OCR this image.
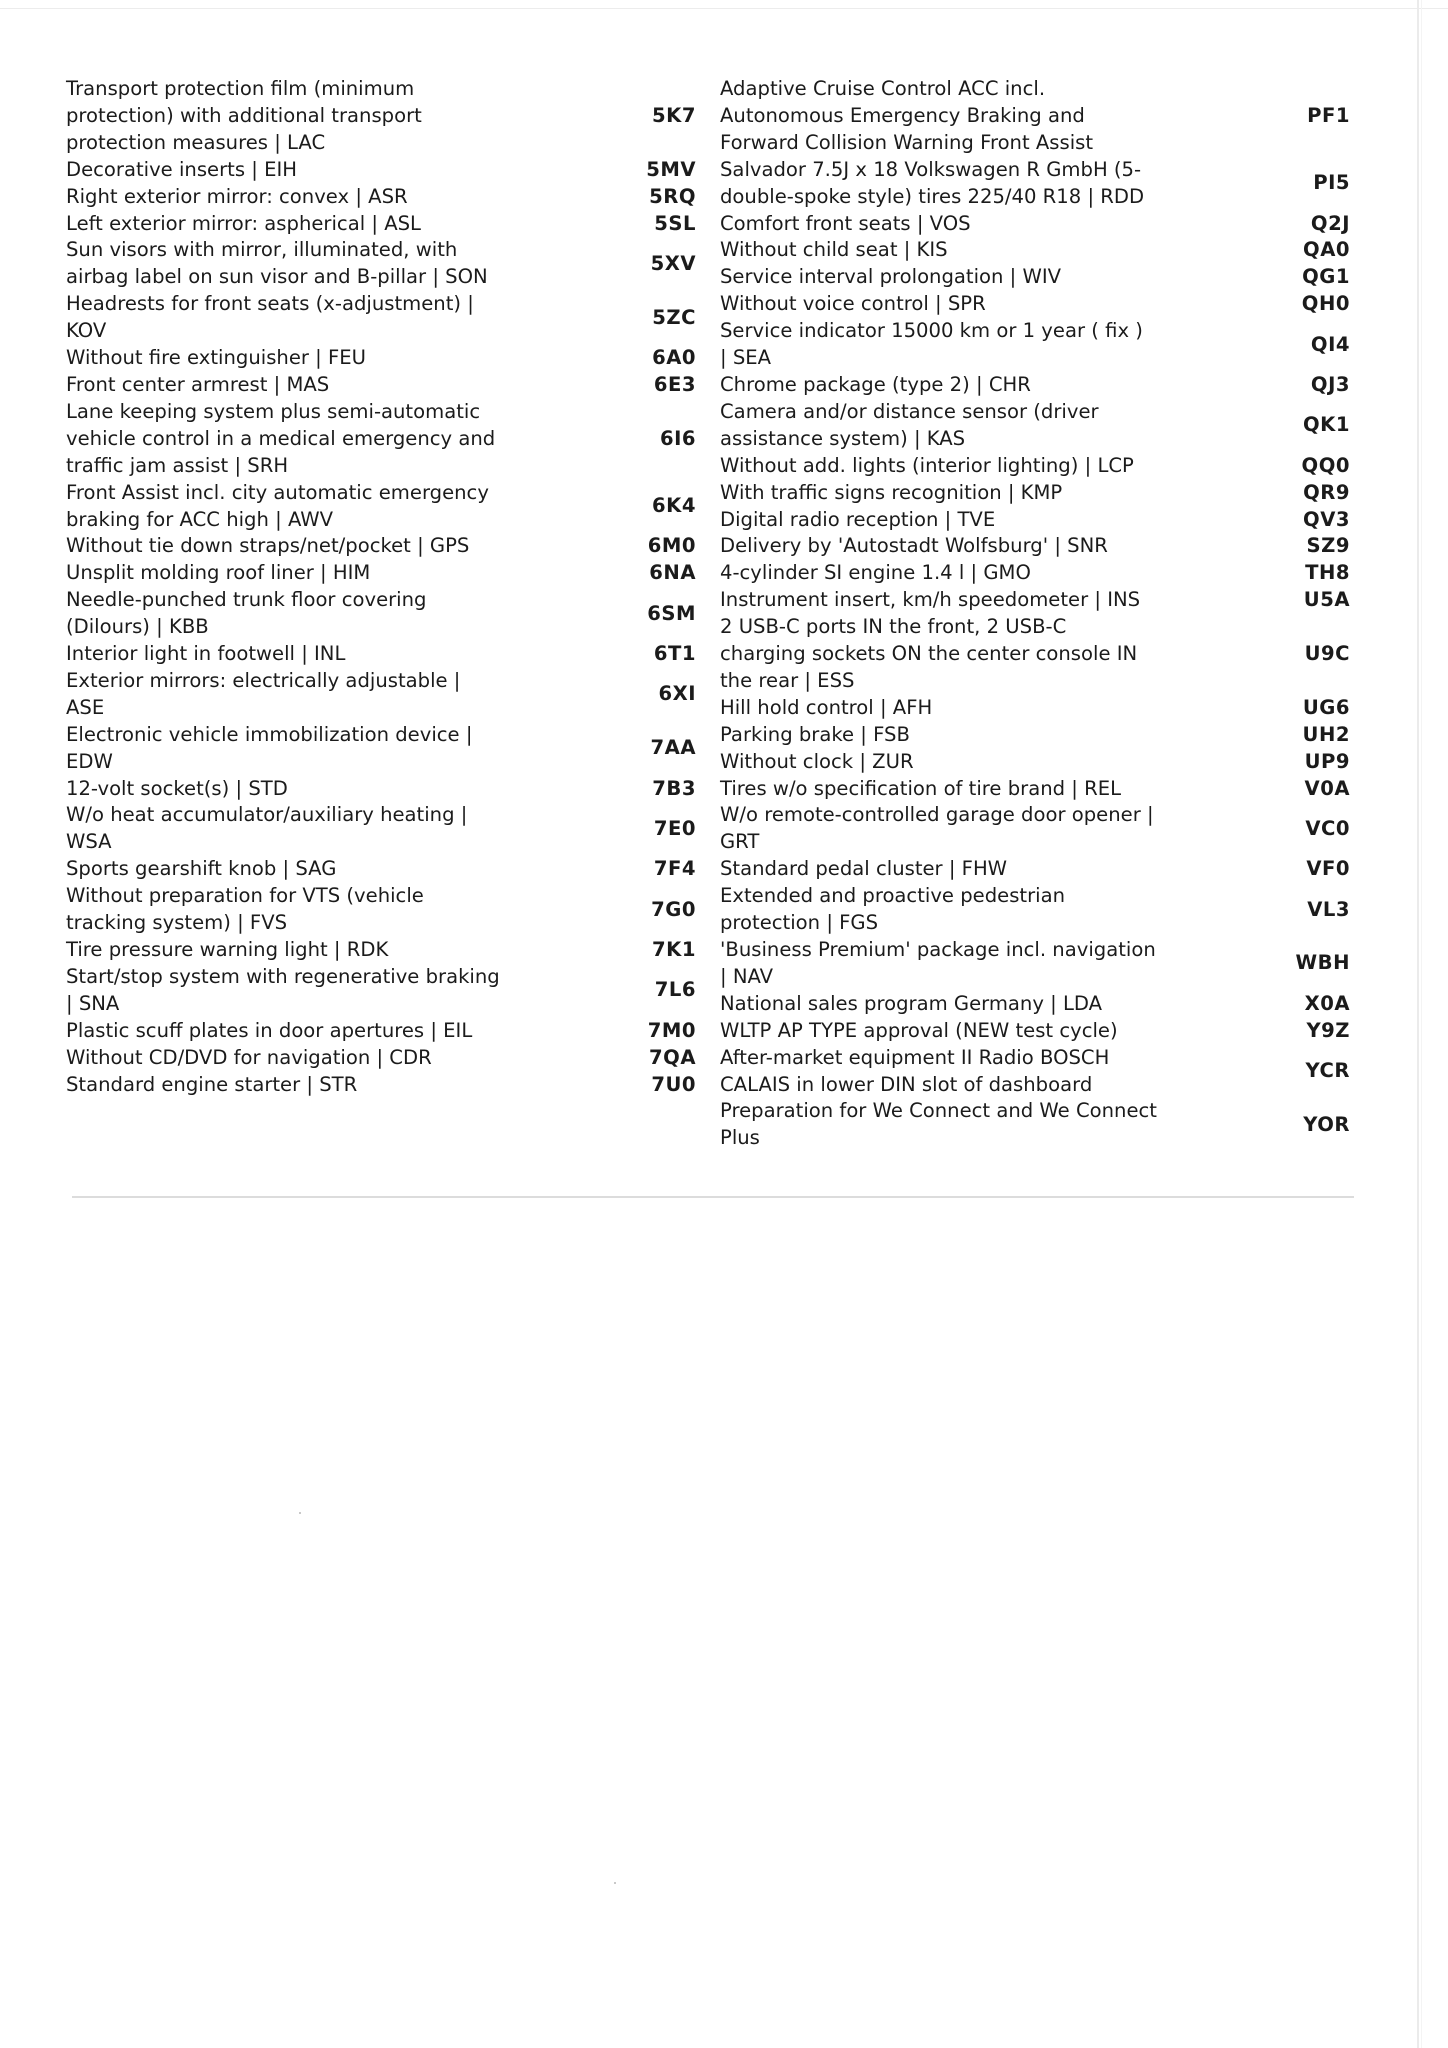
Transport protection film (minimum
protection) with additional transport
protection measures | LAC
5K7
Decorative inserts | EIH	5MV
Right exterior mirror: convex | ASR	5RQ
Left exterior mirror: aspherical | ASL	5SL
Sun visors with mirror, illuminated, with
airbag label on sun visor and B-pillar | SON
5XV
Headrests for front seats (x-adjustment) |
KOV
5ZC
Without fire extinguisher | FEU	6A0
Front center armrest | MAS	6E3
Lane keeping system plus semi-automatic
vehicle control in a medical emergency and
traffic jam assist | SRH
6I6
Front Assist incl. city automatic emergency
braking for ACC high | AWV
6K4
Without tie down straps/net/pocket | GPS	6M0
Unsplit molding roof liner | HIM	6NA
Needle-punched trunk floor covering
(Dilours) | KBB
6SM
Interior light in footwell | INL	6T1
Exterior mirrors: electrically adjustable |
ASE
6XI
Electronic vehicle immobilization device |
EDW
7AA
12-volt socket(s) | STD	7B3
W/o heat accumulator/auxiliary heating |
WSA
7E0
Sports gearshift knob | SAG	7F4
Without preparation for VTS (vehicle
tracking system) | FVS
7G0
Tire pressure warning light | RDK	7K1
Start/stop system with regenerative braking
| SNA
7L6
Plastic scuff plates in door apertures | EIL	7M0
Without CD/DVD for navigation | CDR	7QA
Standard engine starter | STR	7U0
Adaptive Cruise Control ACC incl.
Autonomous Emergency Braking and
Forward Collision Warning Front Assist
PF1
Salvador 7.5J x 18 Volkswagen R GmbH (5-
double-spoke style) tires 225/40 R18 | RDD
PI5
Comfort front seats | VOS	Q2J
Without child seat | KIS	QA0
Service interval prolongation | WIV	QG1
Without voice control | SPR	QH0
Service indicator 15000 km or 1 year ( fix )
| SEA
QI4
Chrome package (type 2) | CHR	QJ3
Camera and/or distance sensor (driver
assistance system) | KAS
QK1
Without add. lights (interior lighting) | LCP	QQ0
With traffic signs recognition | KMP	QR9
Digital radio reception | TVE	QV3
Delivery by 'Autostadt Wolfsburg' | SNR	SZ9
4-cylinder SI engine 1.4 l | GMO	TH8
Instrument insert, km/h speedometer | INS	U5A
2 USB-C ports IN the front, 2 USB-C
charging sockets ON the center console IN
the rear | ESS
U9C
Hill hold control | AFH	UG6
Parking brake | FSB	UH2
Without clock | ZUR	UP9
Tires w/o specification of tire brand | REL	V0A
W/o remote-controlled garage door opener |
GRT
VC0
Standard pedal cluster | FHW	VF0
Extended and proactive pedestrian
protection | FGS
VL3
'Business Premium' package incl. navigation
| NAV
WBH
National sales program Germany | LDA	X0A
WLTP AP TYPE approval (NEW test cycle)	Y9Z
After-market equipment II Radio BOSCH
CALAIS in lower DIN slot of dashboard
YCR
Preparation for We Connect and We Connect
Plus
YOR
